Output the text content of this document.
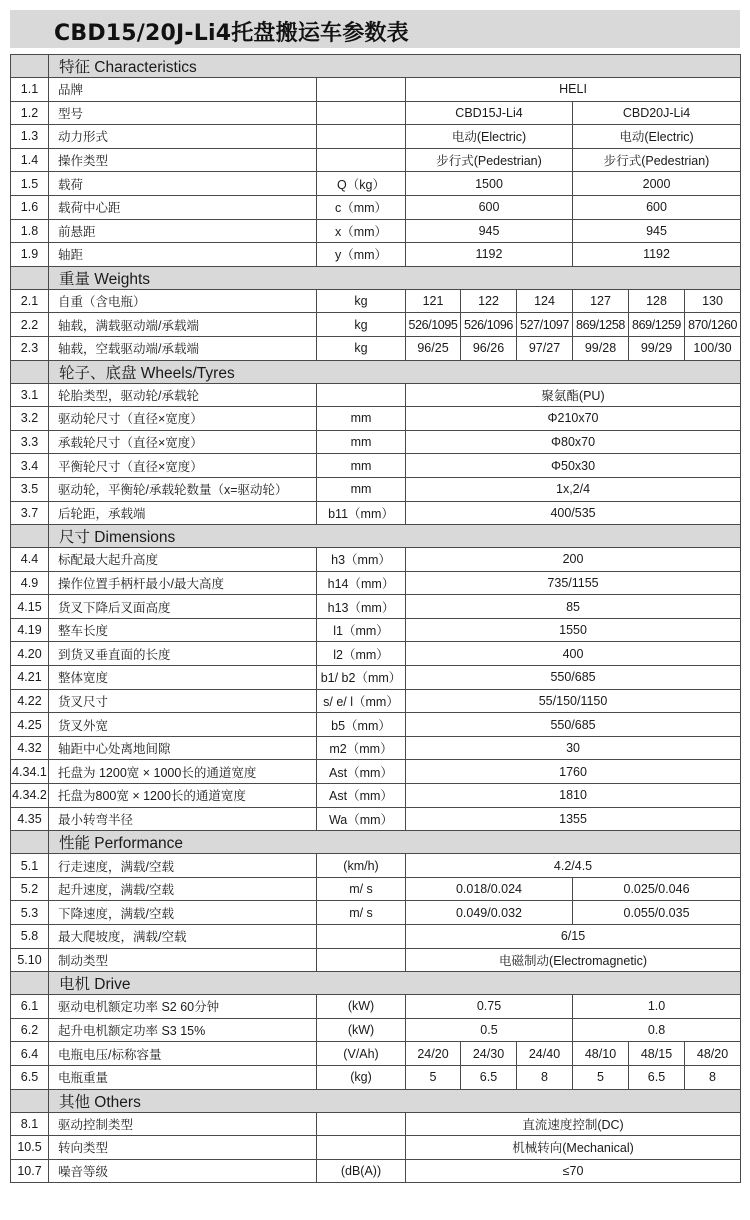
CBD15/20J-Li4托盘搬运车参数表
	特征 Characteristics							
1.1	品牌		HELI					
1.2	型号		CBD15J-Li4			CBD20J-Li4		
1.3	动力形式		电动(Electric)			电动(Electric)		
1.4	操作类型		步行式(Pedestrian)			步行式(Pedestrian)		
1.5	载荷	Q（kg）	1500			2000		
1.6	载荷中心距	c（mm）	600			600		
1.8	前悬距	x（mm）	945			945		
1.9	轴距	y（mm）	1192			1192		
	重量 Weights							
2.1	自重（含电瓶）	kg	121	122	124	127	128	130
2.2	轴载，满载驱动端/承载端	kg	526/1095	526/1096	527/1097	869/1258	869/1259	870/1260
2.3	轴载，空载驱动端/承载端	kg	96/25	96/26	97/27	99/28	99/29	100/30
	轮子、底盘 Wheels/Tyres							
3.1	轮胎类型，驱动轮/承载轮		聚氨酯(PU)					
3.2	驱动轮尺寸（直径×宽度）	mm	Φ210x70					
3.3	承载轮尺寸（直径×宽度）	mm	Φ80x70					
3.4	平衡轮尺寸（直径×宽度）	mm	Φ50x30					
3.5	驱动轮，平衡轮/承载轮数量（x=驱动轮）	mm	1x,2/4					
3.7	后轮距，承载端	b11（mm）	400/535					
	尺寸 Dimensions							
4.4	标配最大起升高度	h3（mm）	200					
4.9	操作位置手柄杆最小/最大高度	h14（mm）	735/1155					
4.15	货叉下降后叉面高度	h13（mm）	85					
4.19	整车长度	l1（mm）	1550					
4.20	到货叉垂直面的长度	l2（mm）	400					
4.21	整体宽度	b1/ b2（mm）	550/685					
4.22	货叉尺寸	s/ e/ l（mm）	55/150/1150					
4.25	货叉外宽	b5（mm）	550/685					
4.32	轴距中心处离地间隙	m2（mm）	30					
4.34.1	托盘为 1200宽 × 1000长的通道宽度	Ast（mm）	1760					
4.34.2	托盘为800宽 × 1200长的通道宽度	Ast（mm）	1810					
4.35	最小转弯半径	Wa（mm）	1355					
	性能 Performance							
5.1	行走速度，满载/空载	(km/h)	4.2/4.5					
5.2	起升速度，满载/空载	m/ s	0.018/0.024			0.025/0.046		
5.3	下降速度，满载/空载	m/ s	0.049/0.032			0.055/0.035		
5.8	最大爬坡度，满载/空载		6/15					
5.10	制动类型		电磁制动(Electromagnetic)					
	电机 Drive							
6.1	驱动电机额定功率 S2 60分钟	(kW)	0.75			1.0		
6.2	起升电机额定功率 S3 15%	(kW)	0.5			0.8		
6.4	电瓶电压/标称容量	(V/Ah)	24/20	24/30	24/40	48/10	48/15	48/20
6.5	电瓶重量	(kg)	5	6.5	8	5	6.5	8
	其他 Others							
8.1	驱动控制类型		直流速度控制(DC)					
10.5	转向类型		机械转向(Mechanical)					
10.7	噪音等级	(dB(A))	≤70					
